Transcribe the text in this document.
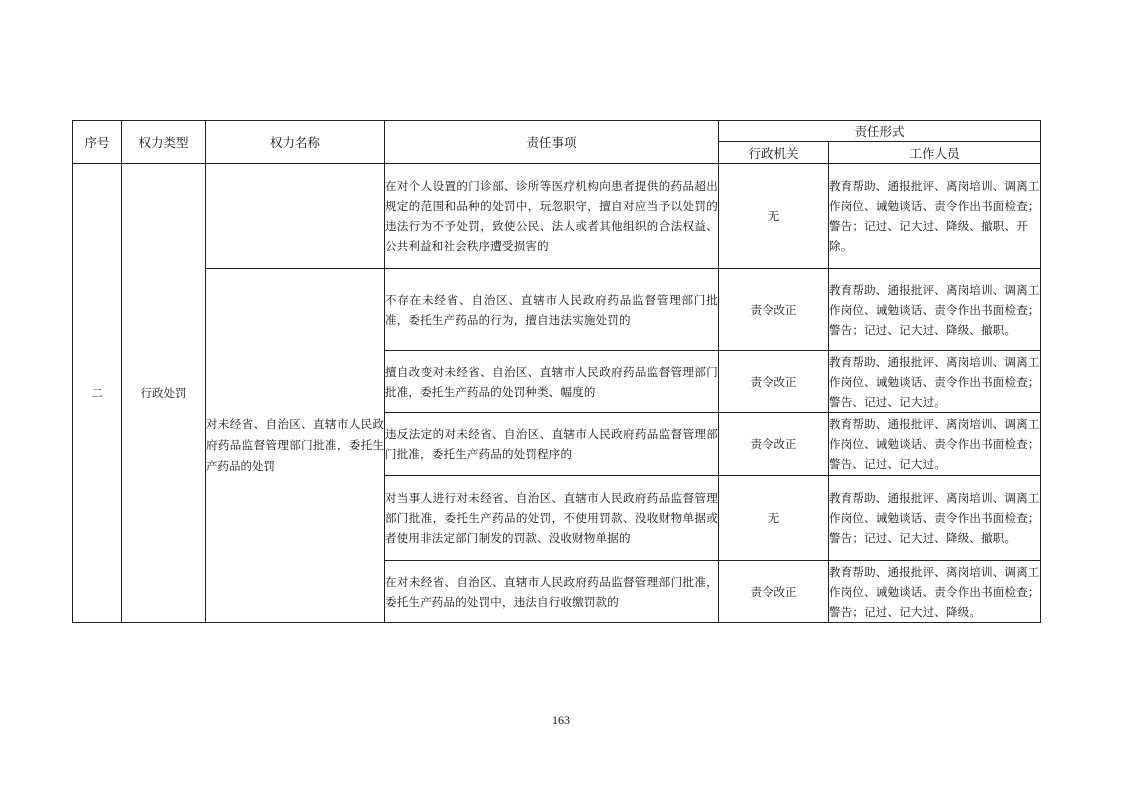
序号	权力类型	权力名称	责任事项	责任形式	
				行政机关	工作人员
二	行政处罚		在对个人设置的门诊部、诊所等医疗机构向患者提供的药品超出规定的范围和品种的处罚中，玩忽职守，擅自对应当予以处罚的违法行为不予处罚，致使公民、法人或者其他组织的合法权益、公共利益和社会秩序遭受损害的	无	教育帮助、通报批评、离岗培训、调离工作岗位、诫勉谈话、责令作出书面检查；警告；记过、记大过、降级、撤职、开除。
		对未经省、自治区、直辖市人民政府药品监督管理部门批准，委托生产药品的处罚	不存在未经省、自治区、直辖市人民政府药品监督管理部门批准，委托生产药品的行为，擅自违法实施处罚的	责令改正	教育帮助、通报批评、离岗培训、调离工作岗位、诫勉谈话、责令作出书面检查；警告；记过、记大过、降级、撤职。
			擅自改变对未经省、自治区、直辖市人民政府药品监督管理部门批准，委托生产药品的处罚种类、幅度的	责令改正	教育帮助、通报批评、离岗培训、调离工作岗位、诫勉谈话、责令作出书面检查；警告、记过、记大过。
			违反法定的对未经省、自治区、直辖市人民政府药品监督管理部门批准，委托生产药品的处罚程序的	责令改正	教育帮助、通报批评、离岗培训、调离工作岗位、诫勉谈话、责令作出书面检查；警告、记过、记大过。
			对当事人进行对未经省、自治区、直辖市人民政府药品监督管理部门批准，委托生产药品的处罚，不使用罚款、没收财物单据或者使用非法定部门制发的罚款、没收财物单据的	无	教育帮助、通报批评、离岗培训、调离工作岗位、诫勉谈话、责令作出书面检查；警告；记过、记大过、降级、撤职。
			在对未经省、自治区、直辖市人民政府药品监督管理部门批准，委托生产药品的处罚中，违法自行收缴罚款的	责令改正	教育帮助、通报批评、离岗培训、调离工作岗位、诫勉谈话、责令作出书面检查；警告；记过、记大过、降级。
163
